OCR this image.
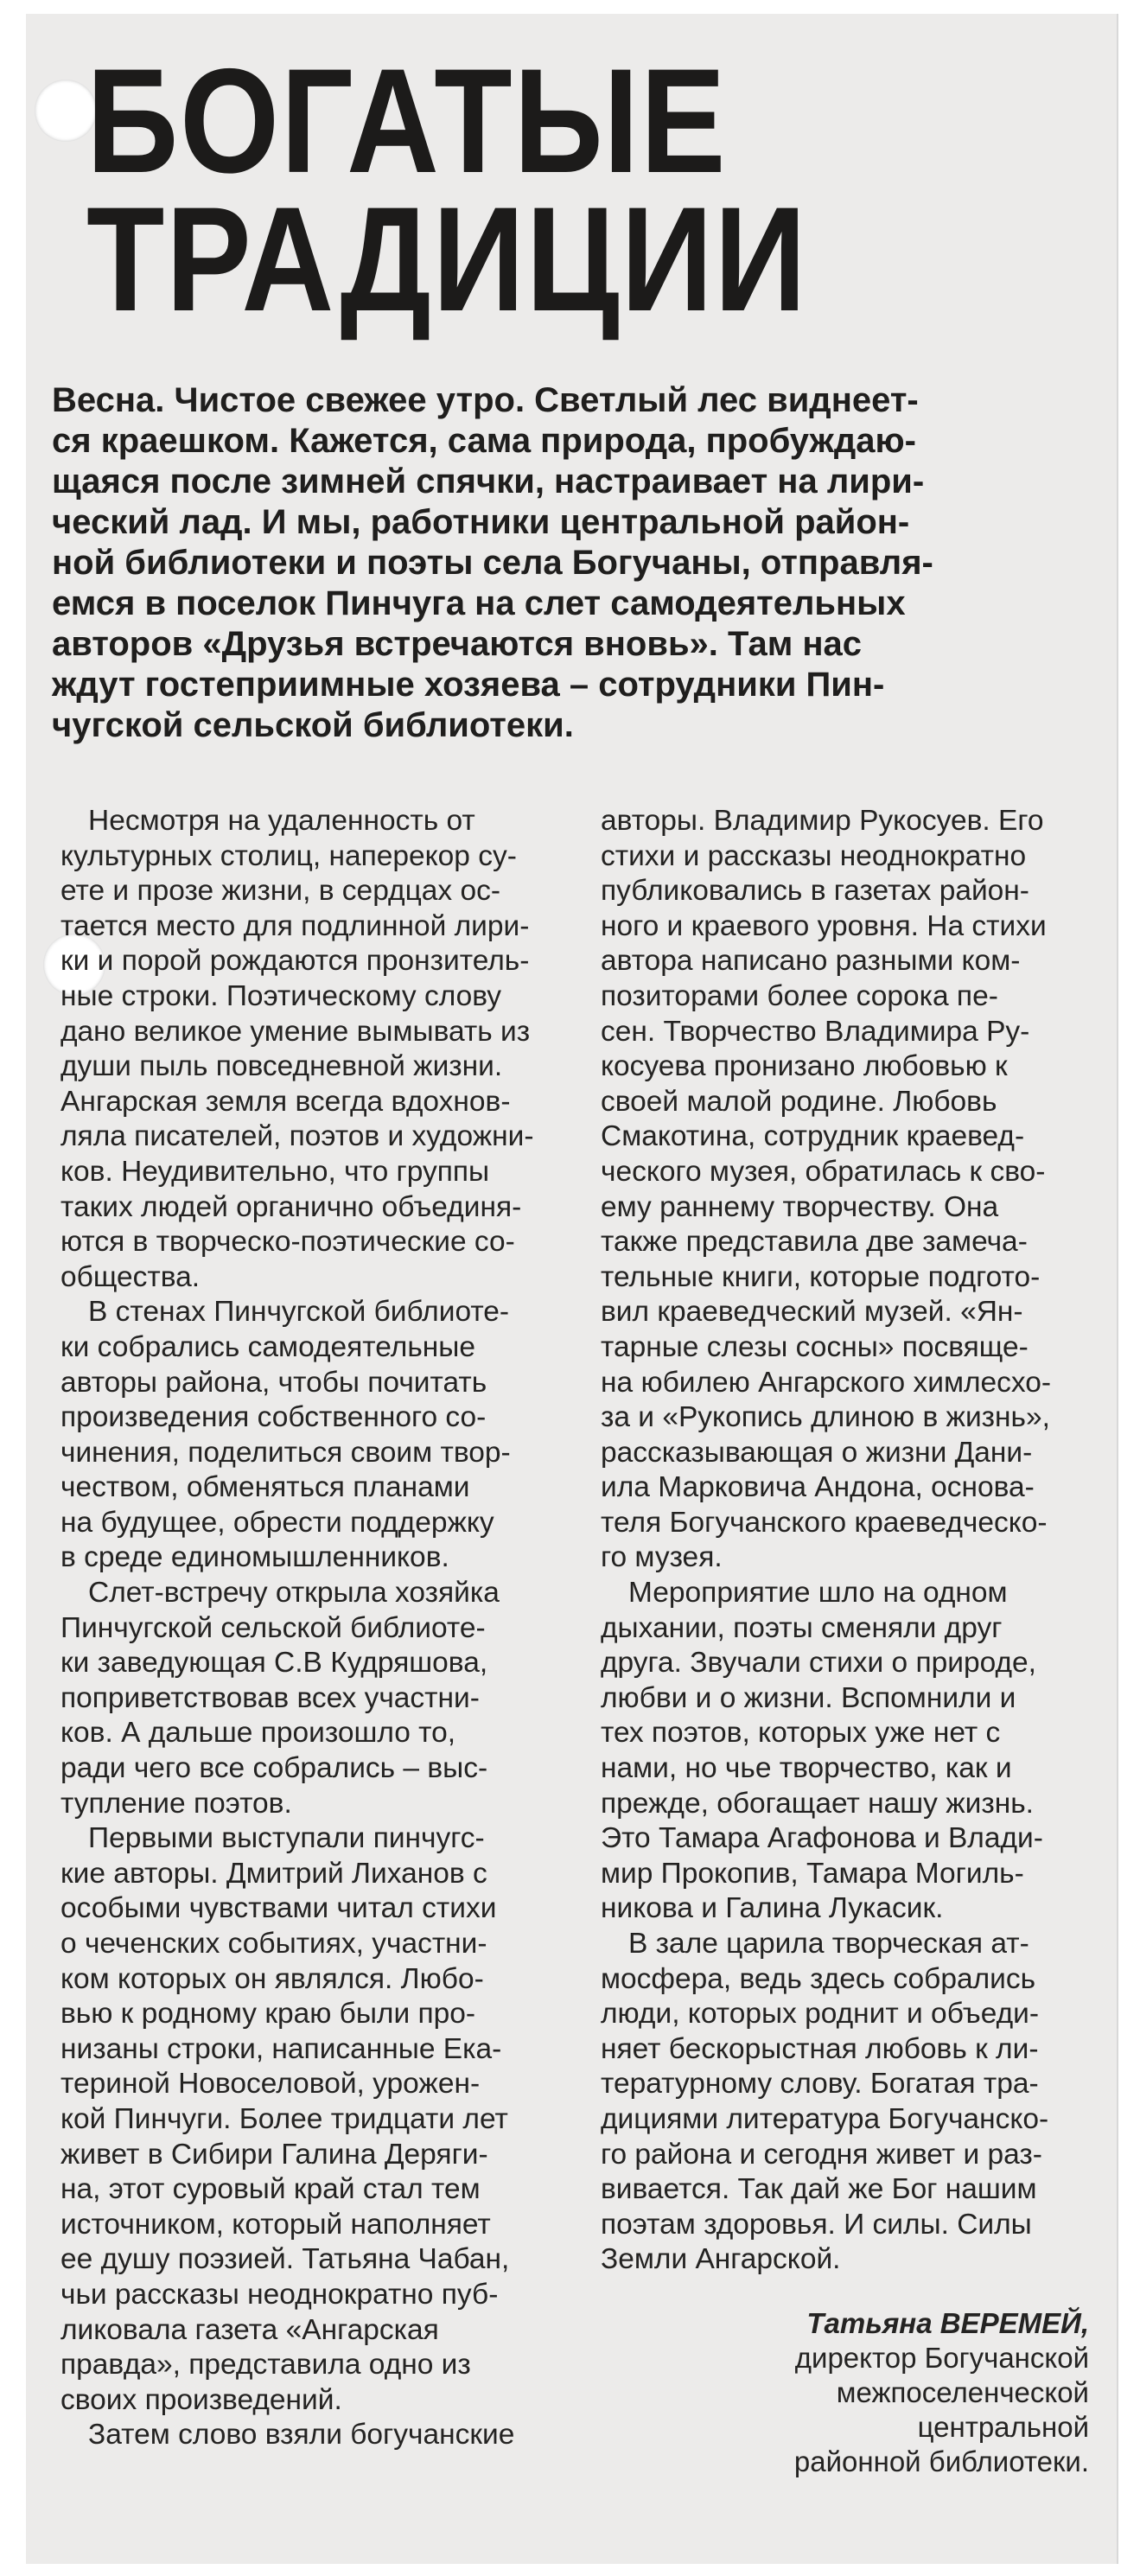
БОГАТЫЕ
ТРАДИЦИИ

Весна. Чистое свежее утро. Светлый лес виднеет-
ся краешком. Кажется, сама природа, пробуждаю-
щаяся после зимней спячки, настраивает на лири-
ческий лад. И мы, работники центральной район-
ной библиотеки и поэты села Богучаны, отправля-
емся в поселок Пинчуга на слет самодеятельных
авторов «Друзья встречаются вновь». Там нас
ждут гостеприимные хозяева – сотрудники Пин-
чугской сельской библиотеки.

Несмотря на удаленность от
культурных столиц, наперекор су-
ете и прозе жизни, в сердцах ос-
тается место для подлинной лири-
ки и порой рождаются пронзитель-
ные строки. Поэтическому слову
дано великое умение вымывать из
души пыль повседневной жизни.
Ангарская земля всегда вдохнов-
ляла писателей, поэтов и художни-
ков. Неудивительно, что группы
таких людей органично объединя-
ются в творческо-поэтические со-
общества.
В стенах Пинчугской библиоте-
ки собрались самодеятельные
авторы района, чтобы почитать
произведения собственного со-
чинения, поделиться своим твор-
чеством, обменяться планами
на будущее, обрести поддержку
в среде единомышленников.
Слет-встречу открыла хозяйка
Пинчугской сельской библиоте-
ки заведующая С.В Кудряшова,
поприветствовав всех участни-
ков. А дальше произошло то,
ради чего все собрались – выс-
тупление поэтов.
Первыми выступали пинчугс-
кие авторы. Дмитрий Лиханов с
особыми чувствами читал стихи
о чеченских событиях, участни-
ком которых он являлся. Любо-
вью к родному краю были про-
низаны строки, написанные Ека-
териной Новоселовой, урожен-
кой Пинчуги. Более тридцати лет
живет в Сибири Галина Деряги-
на, этот суровый край стал тем
источником, который наполняет
ее душу поэзией. Татьяна Чабан,
чьи рассказы неоднократно пуб-
ликовала газета «Ангарская
правда», представила одно из
своих произведений.
Затем слово взяли богучанские
авторы. Владимир Рукосуев. Его
стихи и рассказы неоднократно
публиковались в газетах район-
ного и краевого уровня. На стихи
автора написано разными ком-
позиторами более сорока пе-
сен. Творчество Владимира Ру-
косуева пронизано любовью к
своей малой родине. Любовь
Смакотина, сотрудник краевед-
ческого музея, обратилась к сво-
ему раннему творчеству. Она
также представила две замеча-
тельные книги, которые подгото-
вил краеведческий музей. «Ян-
тарные слезы сосны» посвяще-
на юбилею Ангарского химлесхо-
за и «Рукопись длиною в жизнь»,
рассказывающая о жизни Дани-
ила Марковича Андона, основа-
теля Богучанского краеведческо-
го музея.
Мероприятие шло на одном
дыхании, поэты сменяли друг
друга. Звучали стихи о природе,
любви и о жизни. Вспомнили и
тех поэтов, которых уже нет с
нами, но чье творчество, как и
прежде, обогащает нашу жизнь.
Это Тамара Агафонова и Влади-
мир Прокопив, Тамара Могиль-
никова и Галина Лукасик.
В зале царила творческая ат-
мосфера, ведь здесь собрались
люди, которых роднит и объеди-
няет бескорыстная любовь к ли-
тературному слову. Богатая тра-
дициями литература Богучанско-
го района и сегодня живет и раз-
вивается. Так дай же Бог нашим
поэтам здоровья. И силы. Силы
Земли Ангарской.
Татьяна ВЕРЕМЕЙ,
директор Богучанской
межпоселенческой
центральной
районной библиотеки.
